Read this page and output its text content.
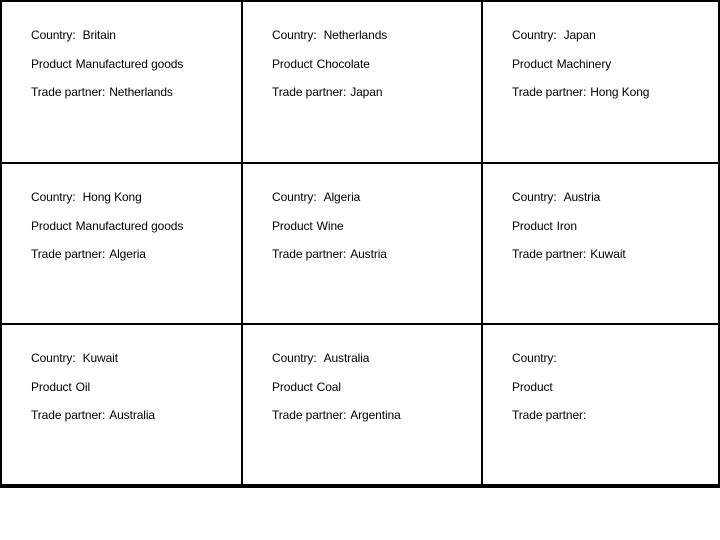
Country: Britain
Product Manufactured goods
Trade partner: Netherlands
Country: Netherlands
Product Chocolate
Trade partner: Japan
Country: Japan
Product Machinery
Trade partner: Hong Kong
Country: Hong Kong
Product Manufactured goods
Trade partner: Algeria
Country: Algeria
Product Wine
Trade partner: Austria
Country: Austria
Product Iron
Trade partner: Kuwait
Country: Kuwait
Product Oil
Trade partner: Australia
Country: Australia
Product Coal
Trade partner: Argentina
Country:
Product
Trade partner:
